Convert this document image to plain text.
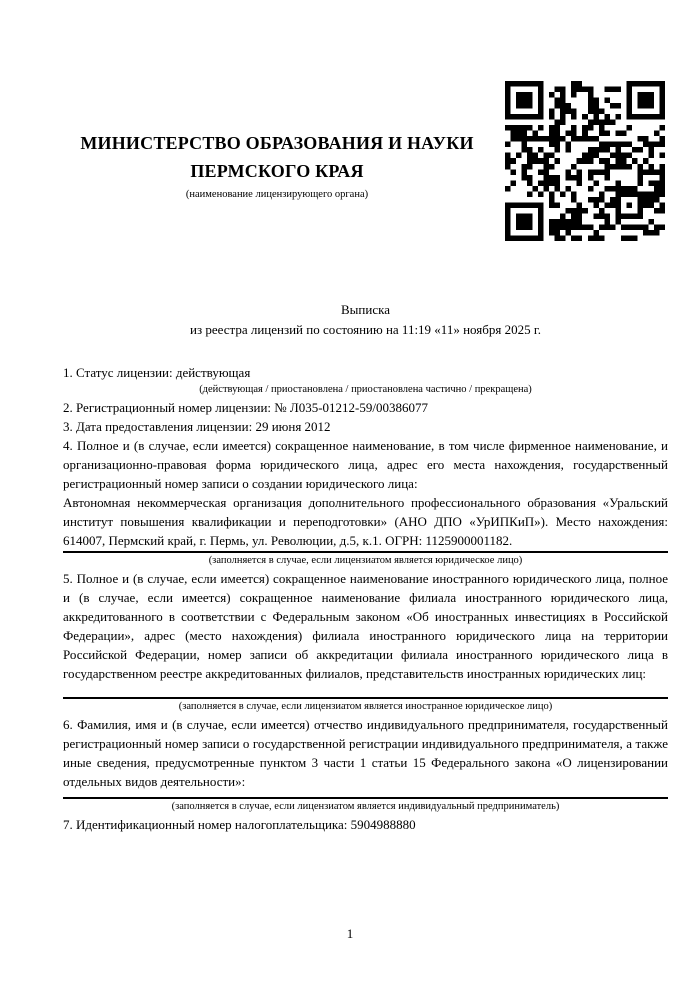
МИНИСТЕРСТВО ОБРАЗОВАНИЯ И НАУКИ
ПЕРМСКОГО КРАЯ
(наименование лицензирующего органа)
Выписка
из реестра лицензий по состоянию на 11:19 «11» ноября 2025 г.

1. Статус лицензии: действующая

(действующая / приостановлена / приостановлена частично / прекращена)

2. Регистрационный номер лицензии: № Л035-01212-59/00386077

3. Дата предоставления лицензии: 29 июня 2012

4. Полное и (в случае, если имеется) сокращенное наименование, в том числе фирменное наименование, и организационно-правовая форма юридического лица, адрес его места нахождения, государственный регистрационный номер записи о создании юридического лица:

Автономная некоммерческая организация дополнительного профессионального образования «Уральский институт повышения квалификации и переподготовки» (АНО ДПО «УрИПКиП»). Место нахождения: 614007, Пермский край, г. Пермь, ул. Революции, д.5, к.1. ОГРН: 1125900001182.

(заполняется в случае, если лицензиатом является юридическое лицо)

5. Полное и (в случае, если имеется) сокращенное наименование иностранного юридического лица, полное и (в случае, если имеется) сокращенное наименование филиала иностранного юридического лица, аккредитованного в соответствии с Федеральным законом «Об иностранных инвестициях в Российской Федерации», адрес (место нахождения) филиала иностранного юридического лица на территории Российской Федерации, номер записи об аккредитации филиала иностранного юридического лица в государственном реестре аккредитованных филиалов, представительств иностранных юридических лиц:

(заполняется в случае, если лицензиатом является иностранное юридическое лицо)

6. Фамилия, имя и (в случае, если имеется) отчество индивидуального предпринимателя, государственный регистрационный номер записи о государственной регистрации индивидуального предпринимателя, а также иные сведения, предусмотренные пунктом 3 части 1 статьи 15 Федерального закона «О лицензировании отдельных видов деятельности»:

(заполняется в случае, если лицензиатом является индивидуальный предприниматель)

7. Идентификационный номер налогоплательщика: 5904988880

1
